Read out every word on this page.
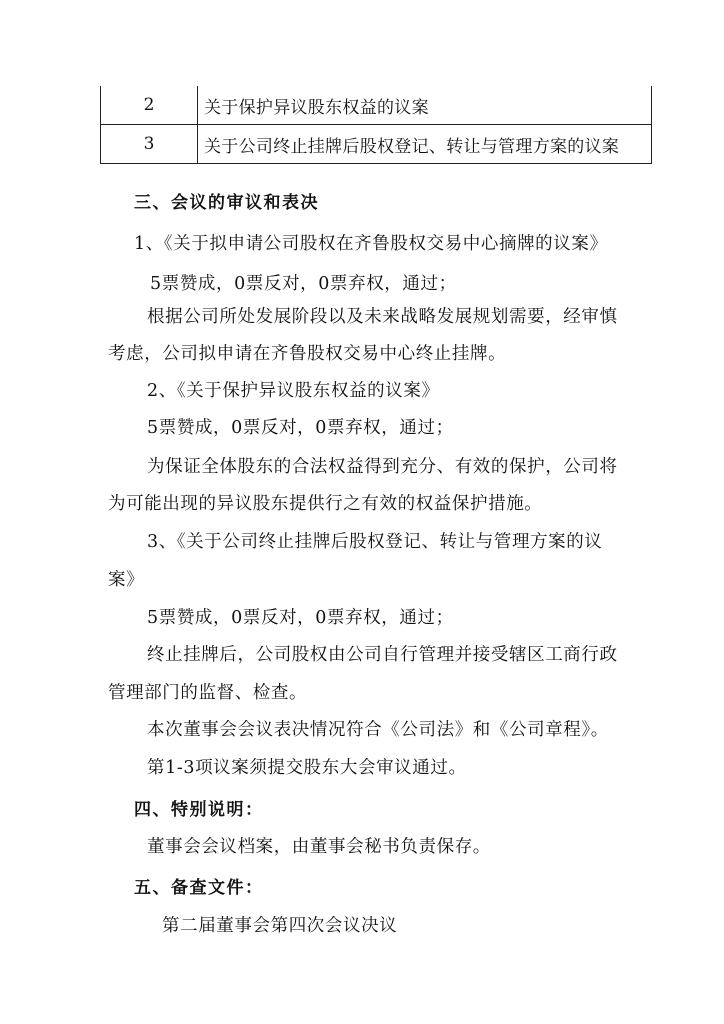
2	关于保护异议股东权益的议案
3	关于公司终止挂牌后股权登记、转让与管理方案的议案
三、会议的审议和表决
1、《关于拟申请公司股权在齐鲁股权交易中心摘牌的议案》
5票赞成，0票反对，0票弃权，通过；
根据公司所处发展阶段以及未来战略发展规划需要，经审慎
考虑，公司拟申请在齐鲁股权交易中心终止挂牌。
2、《关于保护异议股东权益的议案》
5票赞成，0票反对，0票弃权，通过；
为保证全体股东的合法权益得到充分、有效的保护，公司将
为可能出现的异议股东提供行之有效的权益保护措施。
3、《关于公司终止挂牌后股权登记、转让与管理方案的议
案》
5票赞成，0票反对，0票弃权，通过；
终止挂牌后，公司股权由公司自行管理并接受辖区工商行政
管理部门的监督、检查。
本次董事会会议表决情况符合《公司法》和《公司章程》。
第1-3项议案须提交股东大会审议通过。
四、特别说明：
董事会会议档案，由董事会秘书负责保存。
五、备查文件：
第二届董事会第四次会议决议
